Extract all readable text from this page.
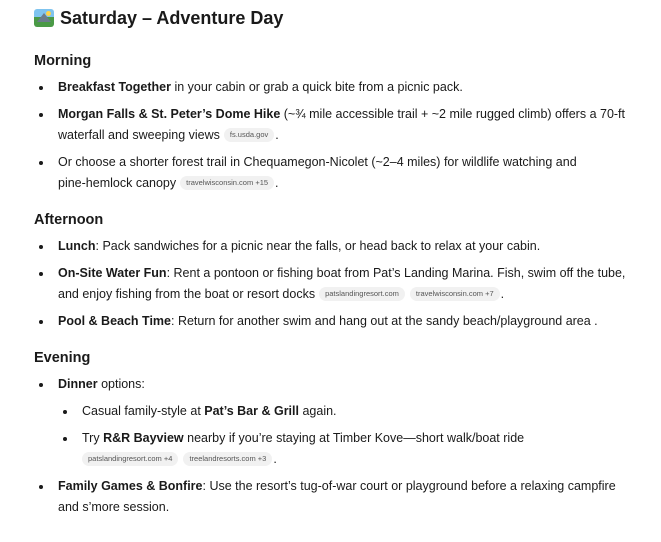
Saturday – Adventure Day
Morning
Breakfast Together in your cabin or grab a quick bite from a picnic pack.
Morgan Falls & St. Peter’s Dome Hike (~¾ mile accessible trail + ~2 mile rugged climb) offers a 70‑ft waterfall and sweeping views fs.usda.gov .
Or choose a shorter forest trail in Chequamegon‑Nicolet (~2–4 miles) for wildlife watching and pine‑hemlock canopy travelwisconsin.com +15 .
Afternoon
Lunch: Pack sandwiches for a picnic near the falls, or head back to relax at your cabin.
On‑Site Water Fun: Rent a pontoon or fishing boat from Pat’s Landing Marina. Fish, swim off the tube, and enjoy fishing from the boat or resort docks patslandingresort.com travelwisconsin.com +7 .
Pool & Beach Time: Return for another swim and hang out at the sandy beach/playground area .
Evening
Dinner options:
Casual family‑style at Pat’s Bar & Grill again.
Try R&R Bayview nearby if you’re staying at Timber Kove—short walk/boat ride
patslandingresort.com +4 treelandresorts.com +3 .
Family Games & Bonfire: Use the resort’s tug‑of‑war court or playground before a relaxing campfire and s’more session.
